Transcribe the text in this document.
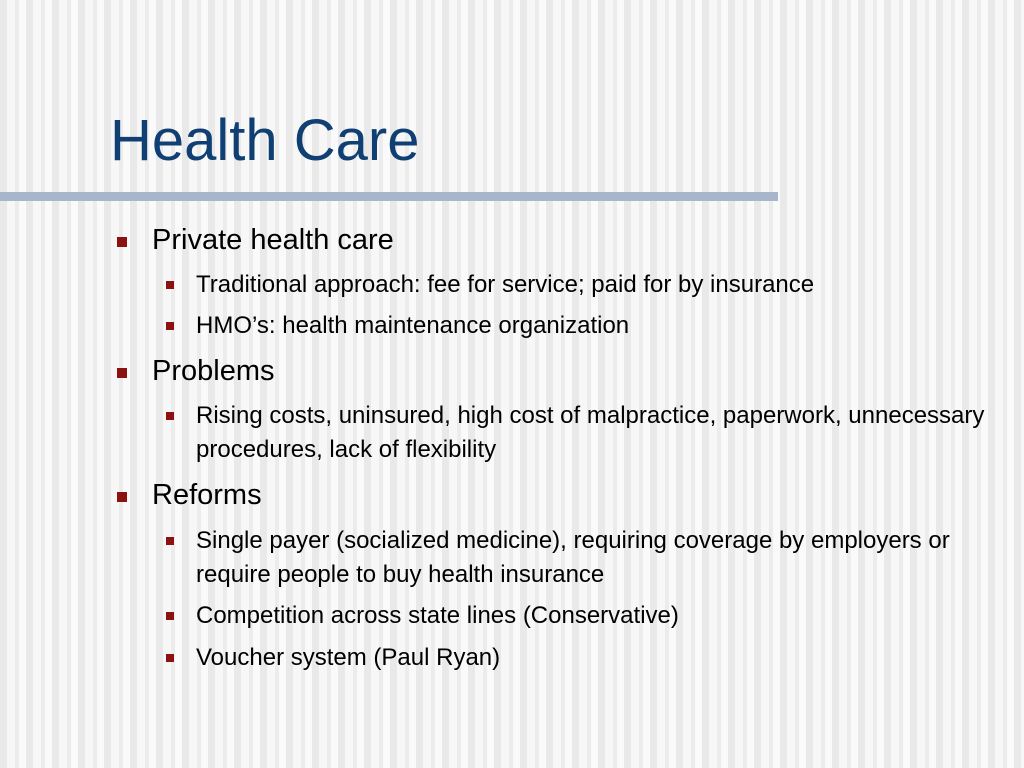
Health Care

Private health care

Traditional approach: fee for service; paid for by insurance

HMO’s: health maintenance organization

Problems

Rising costs, uninsured, high cost of malpractice, paperwork, unnecessary procedures, lack of flexibility

Reforms

Single payer (socialized medicine), requiring coverage by employers or require people to buy health insurance

Competition across state lines (Conservative)

Voucher system (Paul Ryan)
